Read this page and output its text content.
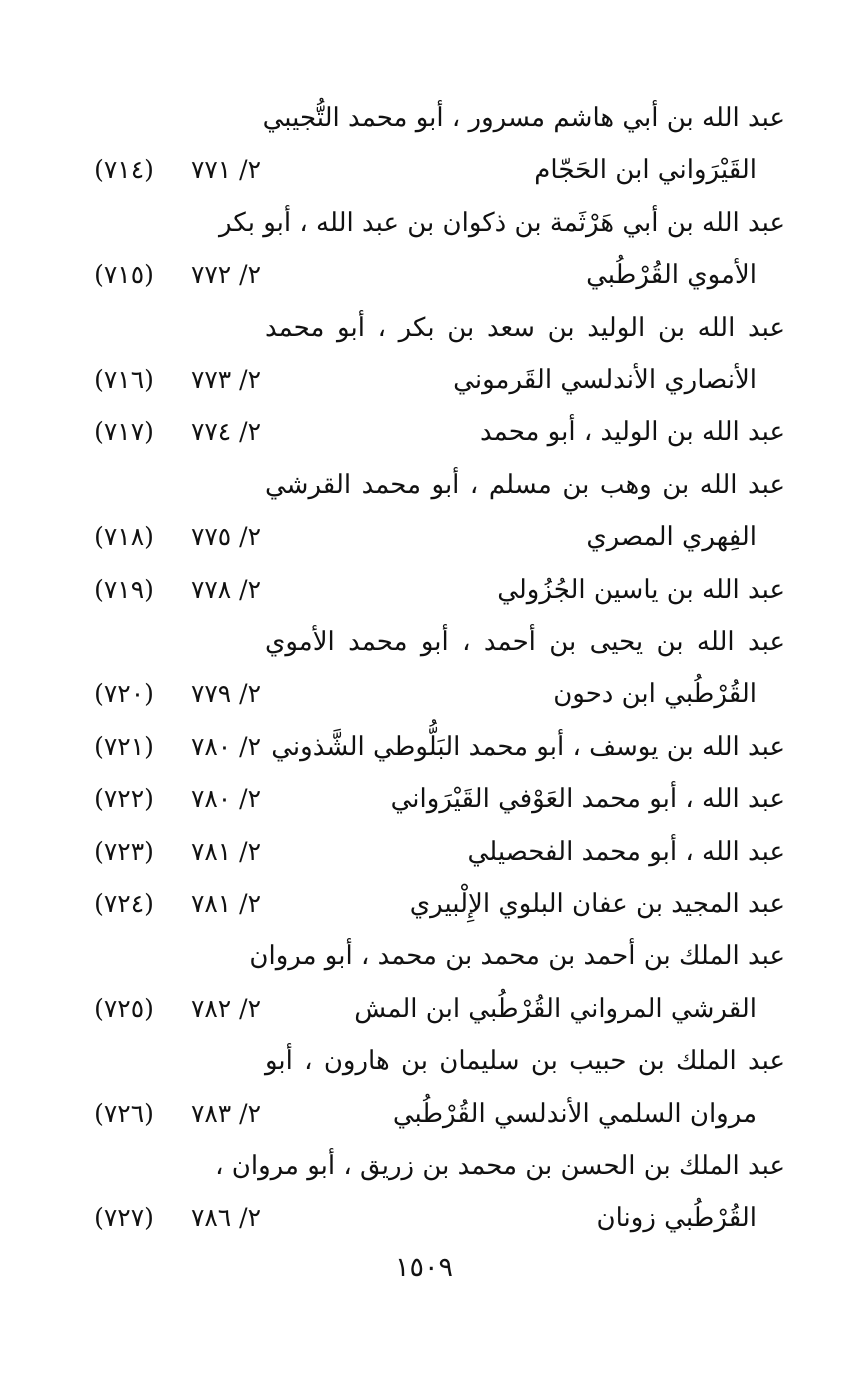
عبد الله بن أبي هاشم مسرور ، أبو محمد التُّجيبي
القَيْرَواني ابن الحَجّام
٢/ ٧٧١
(٧١٤)
عبد الله بن أبي هَرْثَمة بن ذكوان بن عبد الله ، أبو بكر
الأموي القُرْطُبي
٢/ ٧٧٢
(٧١٥)
عبد الله بن الوليد بن سعد بن بكر ، أبو محمد
الأنصاري الأندلسي القَرموني
٢/ ٧٧٣
(٧١٦)
عبد الله بن الوليد ، أبو محمد
٢/ ٧٧٤
(٧١٧)
عبد الله بن وهب بن مسلم ، أبو محمد القرشي
الفِهري المصري
٢/ ٧٧٥
(٧١٨)
عبد الله بن ياسين الجُزُولي
٢/ ٧٧٨
(٧١٩)
عبد الله بن يحيى بن أحمد ، أبو محمد الأموي
القُرْطُبي ابن دحون
٢/ ٧٧٩
(٧٢٠)
عبد الله بن يوسف ، أبو محمد البَلُّوطي الشَّذوني
٢/ ٧٨٠
(٧٢١)
عبد الله ، أبو محمد العَوْفي القَيْرَواني
٢/ ٧٨٠
(٧٢٢)
عبد الله ، أبو محمد الفحصيلي
٢/ ٧٨١
(٧٢٣)
عبد المجيد بن عفان البلوي الإِلْبيري
٢/ ٧٨١
(٧٢٤)
عبد الملك بن أحمد بن محمد بن محمد ، أبو مروان
القرشي المرواني القُرْطُبي ابن المش
٢/ ٧٨٢
(٧٢٥)
عبد الملك بن حبيب بن سليمان بن هارون ، أبو
مروان السلمي الأندلسي القُرْطُبي
٢/ ٧٨٣
(٧٢٦)
عبد الملك بن الحسن بن محمد بن زريق ، أبو مروان ،
القُرْطُبي زونان
٢/ ٧٨٦
(٧٢٧)
١٥٠٩
